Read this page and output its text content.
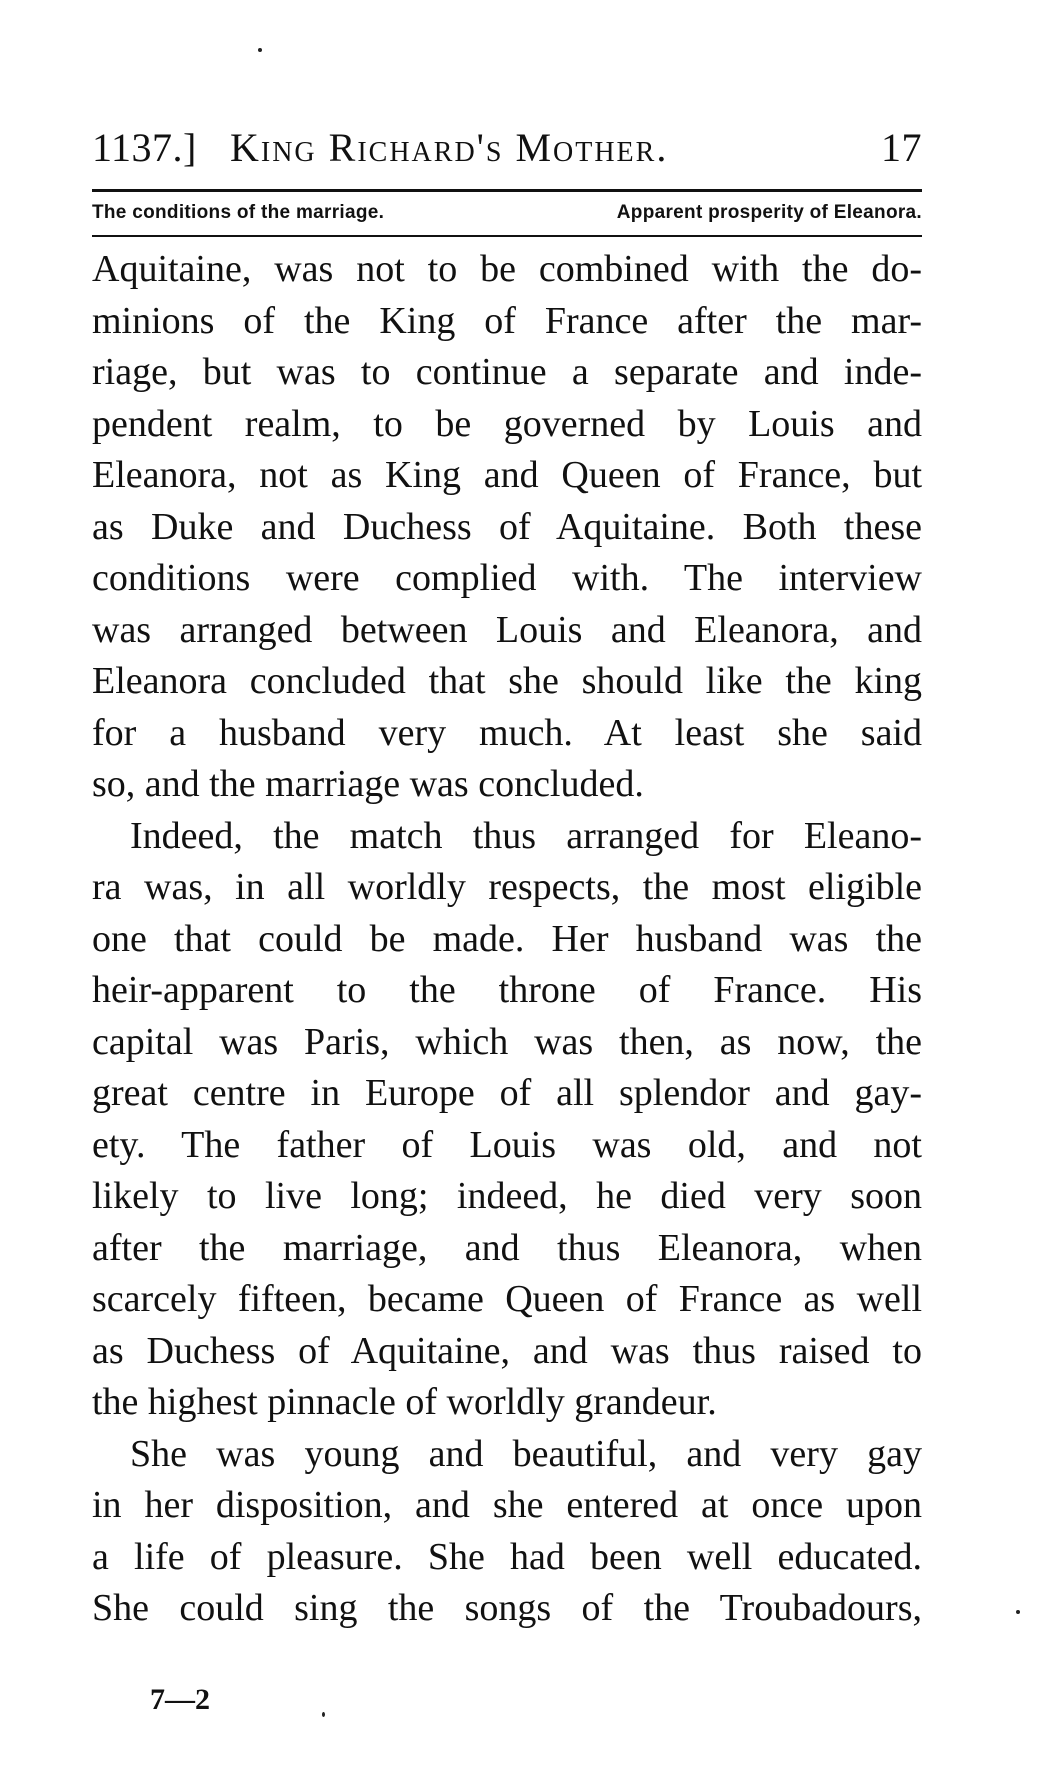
1137.] King Richard's Mother.	17
The conditions of the marriage.	Apparent prosperity of Eleanora.
Aquitaine, was not to be combined with the do-
minions of the King of France after the mar-
riage, but was to continue a separate and inde-
pendent realm, to be governed by Louis and
Eleanora, not as King and Queen of France, but
as Duke and Duchess of Aquitaine. Both these
conditions were complied with. The interview
was arranged between Louis and Eleanora, and
Eleanora concluded that she should like the king
for a husband very much. At least she said
so, and the marriage was concluded.
Indeed, the match thus arranged for Eleano-
ra was, in all worldly respects, the most eligible
one that could be made. Her husband was the
heir-apparent to the throne of France. His
capital was Paris, which was then, as now, the
great centre in Europe of all splendor and gay-
ety. The father of Louis was old, and not
likely to live long; indeed, he died very soon
after the marriage, and thus Eleanora, when
scarcely fifteen, became Queen of France as well
as Duchess of Aquitaine, and was thus raised to
the highest pinnacle of worldly grandeur.
She was young and beautiful, and very gay
in her disposition, and she entered at once upon
a life of pleasure. She had been well educated.
She could sing the songs of the Troubadours,
7—2
